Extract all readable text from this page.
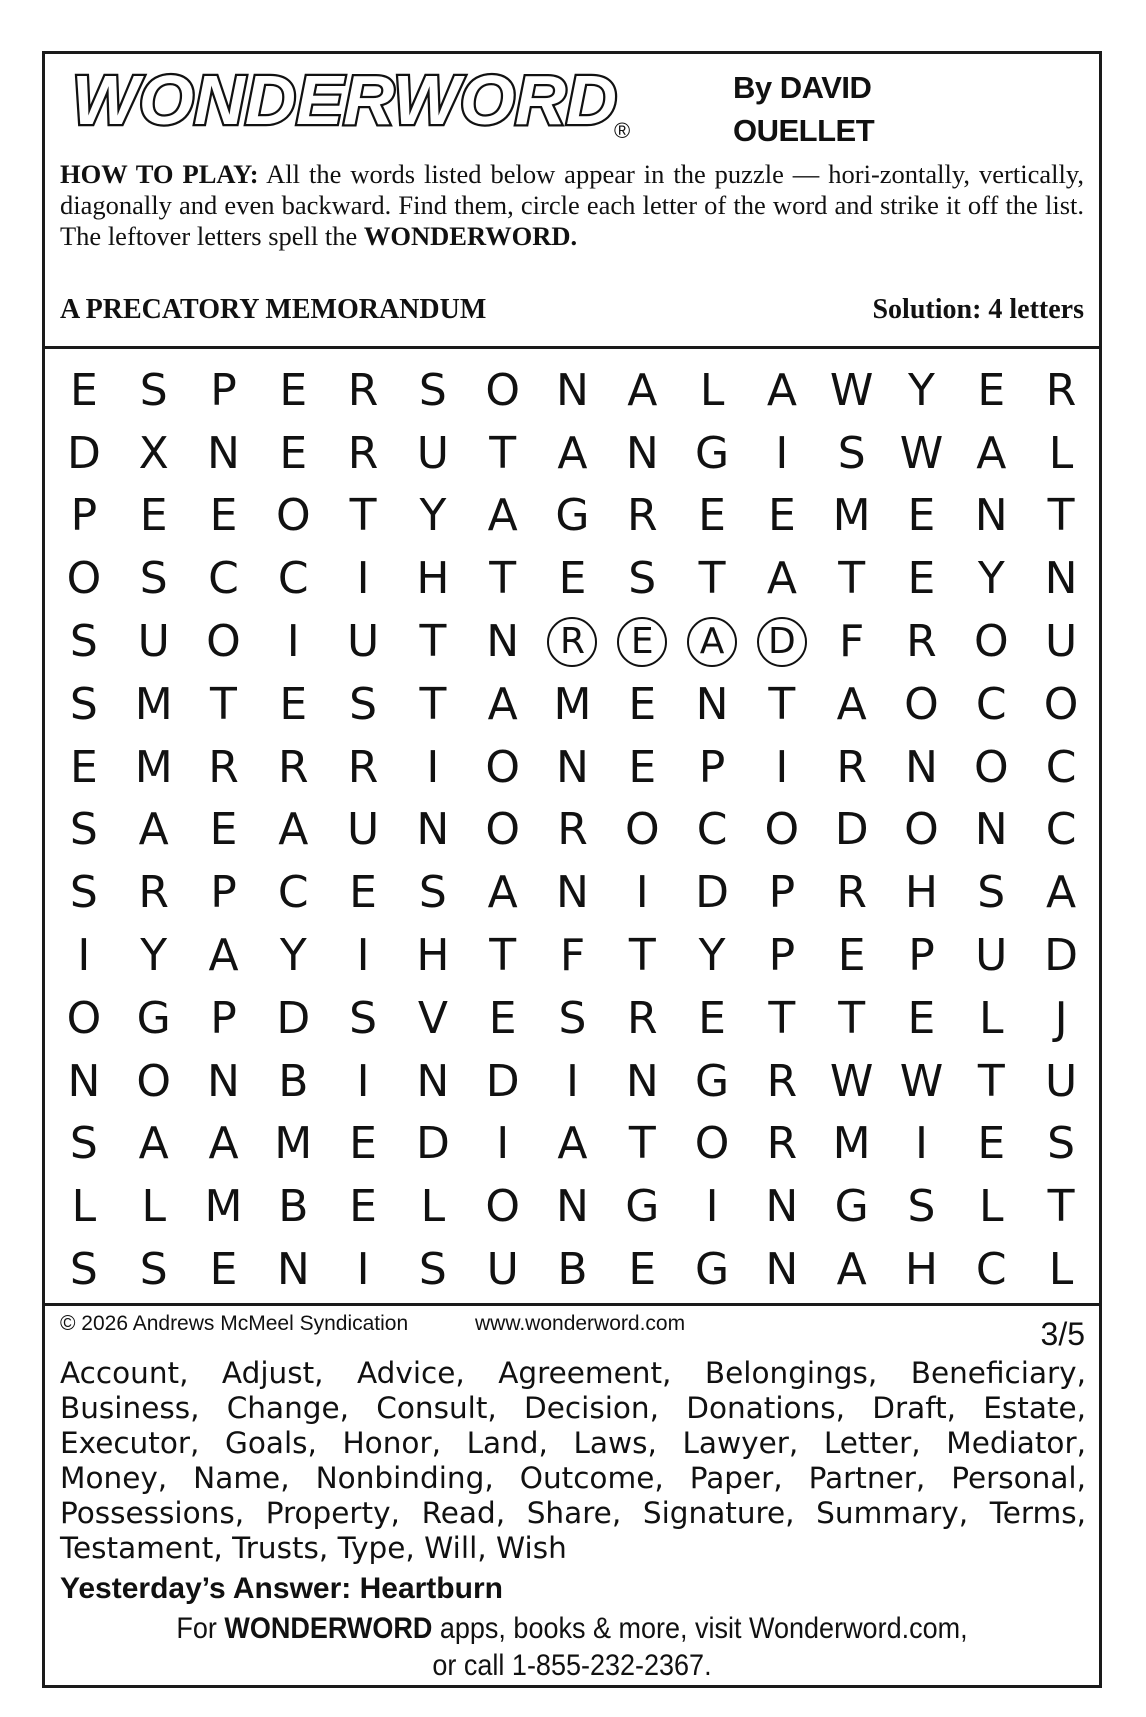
WONDERWORD
®
By DAVID
OUELLET
HOW TO PLAY: All the words listed below appear in the puzzle — hori-zontally, vertically, diagonally and even backward. Find them, circle each letter of the word and strike it off the list. The leftover letters spell the WONDERWORD.
A PRECATORY MEMORANDUM	Solution: 4 letters
E S P E R S O N A L A W Y E R
D X N E R U T A N G I S W A L
P E E O T Y A G R E E M E N T
O S C C I H T E S T A T E Y N
S U O I U T N R E A D F R O U
S M T E S T A M E N T A O C O
E M R R R I O N E P I R N O C
S A E A U N O R O C O D O N C
S R P C E S A N I D P R H S A
I Y A Y I H T F T Y P E P U D
O G P D S V E S R E T T E L J
N O N B I N D I N G R W W T U
S A A M E D I A T O R M I E S
L L M B E L O N G I N G S L T
S S E N I S U B E G N A H C L
© 2026 Andrews McMeel Syndication	www.wonderword.com	3/5
Account, Adjust, Advice, Agreement, Belongings, Beneficiary, Business, Change, Consult, Decision, Donations, Draft, Estate, Executor, Goals, Honor, Land, Laws, Lawyer, Letter, Mediator, Money, Name, Nonbinding, Outcome, Paper, Partner, Personal, Possessions, Property, Read, Share, Signature, Summary, Terms, Testament, Trusts, Type, Will, Wish
Yesterday’s Answer: Heartburn
For WONDERWORD apps, books & more, visit Wonderword.com,
or call 1-855-232-2367.
